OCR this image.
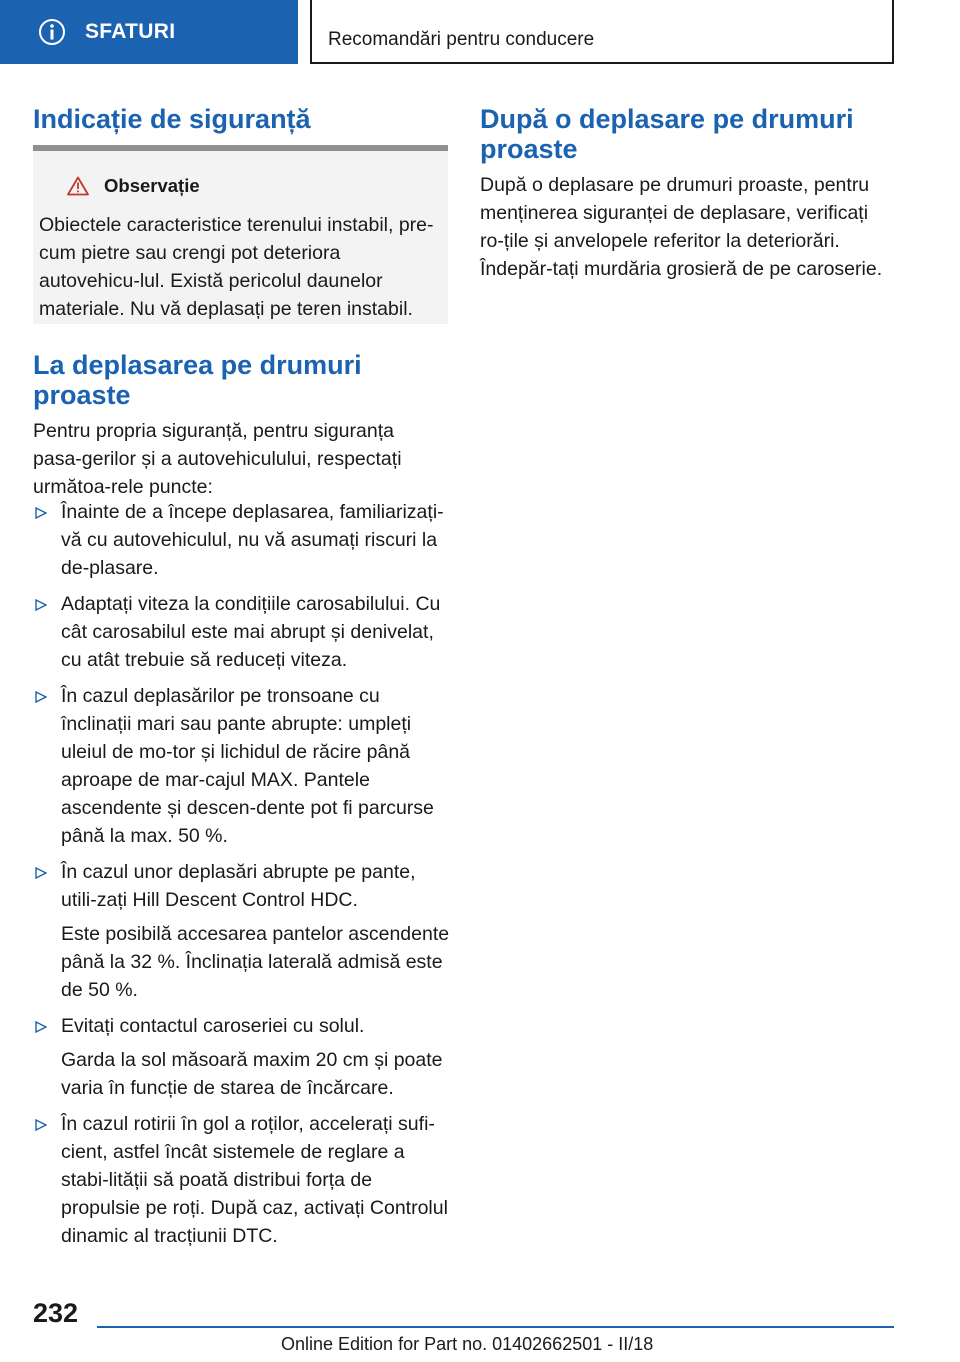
SFATURI	Recomandări pentru conducere
Indicație de siguranță
Observație
Obiectele caracteristice terenului instabil, pre-cum pietre sau crengi pot deteriora autovehicu-lul. Există pericolul daunelor materiale. Nu vă deplasați pe teren instabil.
La deplasarea pe drumuri proaste

Pentru propria siguranță, pentru siguranța pasa-gerilor și a autovehiculului, respectați următoa-rele puncte:

Înainte de a începe deplasarea, familiarizați-vă cu autovehiculul, nu vă asumați riscuri la de-plasare.

Adaptați viteza la condițiile carosabilului. Cu cât carosabilul este mai abrupt și denivelat, cu atât trebuie să reduceți viteza.

În cazul deplasărilor pe tronsoane cu înclinații mari sau pante abrupte: umpleți uleiul de mo-tor și lichidul de răcire până aproape de mar-cajul MAX. Pantele ascendente și descen-dente pot fi parcurse până la max. 50 %.

În cazul unor deplasări abrupte pe pante, utili-zați Hill Descent Control HDC.

Este posibilă accesarea pantelor ascendente până la 32 %. Înclinația laterală admisă este de 50 %.

Evitați contactul caroseriei cu solul.

Garda la sol măsoară maxim 20 cm și poate varia în funcție de starea de încărcare.

În cazul rotirii în gol a roților, accelerați sufi-cient, astfel încât sistemele de reglare a stabi-lității să poată distribui forța de propulsie pe roți. După caz, activați Controlul dinamic al tracțiunii DTC.

După o deplasare pe drumuri proaste

După o deplasare pe drumuri proaste, pentru menținerea siguranței de deplasare, verificați ro-țile și anvelopele referitor la deteriorări. Îndepăr-tați murdăria grosieră de pe caroserie.

232
Online Edition for Part no. 01402662501 - II/18
